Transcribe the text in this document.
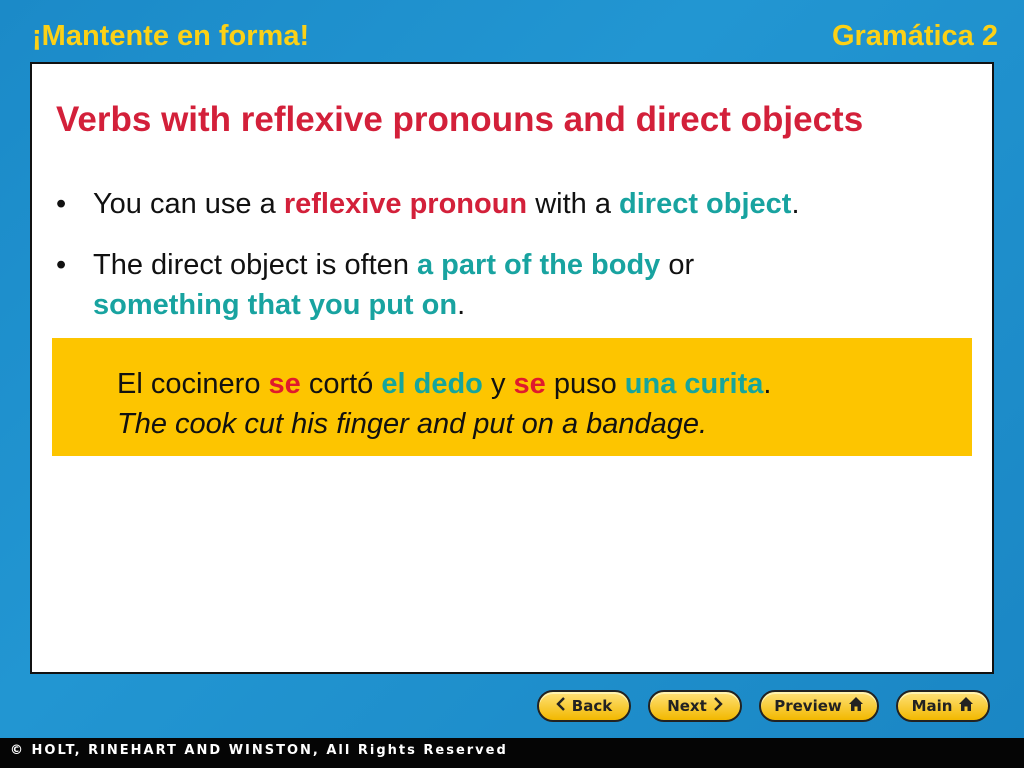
¡Mantente en forma!	Gramática 2
Verbs with reflexive pronouns and direct objects
• You can use a reflexive pronoun with a direct object.
• The direct object is often a part of the body or
something that you put on.
El cocinero se cortó el dedo y se puso una curita.
The cook cut his finger and put on a bandage.
Back	Next	Preview	Main
© HOLT, RINEHART AND WINSTON, All Rights Reserved
